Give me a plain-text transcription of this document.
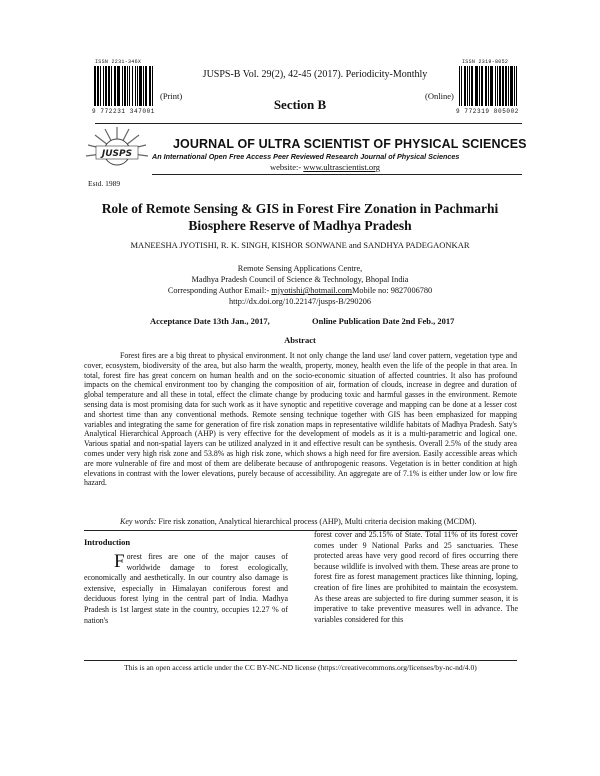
ISSN 2231-346X
9 772231 347001
ISSN 2319-8052
9 772319 805002
JUSPS-B Vol. 29(2), 42-45 (2017). Periodicity-Monthly
(Print)	(Online)
Section B
JUSPS
Estd. 1989
JOURNAL OF ULTRA SCIENTIST OF PHYSICAL SCIENCES
An International Open Free Access Peer Reviewed Research Journal of Physical Sciences
website:- www.ultrascientist.org
Role of Remote Sensing & GIS in Forest Fire Zonation in Pachmarhi
Biosphere Reserve of Madhya Pradesh
MANEESHA JYOTISHI, R. K. SINGH, KISHOR SONWANE and SANDHYA PADEGAONKAR
Remote Sensing Applications Centre,
Madhya Pradesh Council of Science & Technology, Bhopal India
Corresponding Author Email:- mjyotishi@hotmail.comMobile no: 9827006780
http://dx.doi.org/10.22147/jusps-B/290206
Acceptance Date 13th Jan., 2017,	Online Publication Date 2nd Feb., 2017
Abstract
Forest fires are a big threat to physical environment. It not only change the land use/ land cover pattern, vegetation type and cover, ecosystem, biodiversity of the area, but also harm the wealth, property, money, health even the life of the people in that area. In total, forest fire has great concern on human health and on the socio-economic situation of affected countries. It also has profound impacts on the chemical environment too by changing the composition of air, formation of clouds, increase in degree and duration of global temperature and all these in total, effect the climate change by producing toxic and harmful gasses in the environment. Remote sensing data is most promising data for such work as it have synoptic and repetitive coverage and mapping can be done at a lesser cost and shortest time than any conventional methods. Remote sensing technique together with GIS has been emphasized for mapping variables and integrating the same for generation of fire risk zonation maps in representative wildlife habitats of Madhya Pradesh. Saty's Analytical Hierarchical Approach (AHP) is very effective for the development of models as it is a multi-parametric and logical one. Various spatial and non-spatial layers can be utilized analyzed in it and effective result can be synthesis. Overall 2.5% of the study area comes under very high risk zone and 53.8% as high risk zone, which shows a high need for fire aversion. Easily accessible areas which are more vulnerable of fire and most of them are deliberate because of anthropogenic reasons. Vegetation is in better condition at high elevations in contrast with the lower elevations, purely because of accessibility. An aggregate are of 7.1% is either under low or low fire hazard.
Key words: Fire risk zonation, Analytical hierarchical process (AHP), Multi criteria decision making (MCDM).
Introduction

Forest fires are one of the major causes of worldwide damage to forest ecologically, economically and aesthetically. In our country also damage is extensive, especially in Himalayan coniferous forest and deciduous forest lying in the central part of India. Madhya Pradesh is 1st largest state in the country, occupies 12.27 % of nation's

forest cover and 25.15% of State. Total 11% of its forest cover comes under 9 National Parks and 25 sanctuaries. These protected areas have very good record of fires occurring there because wildlife is involved with them. These areas are prone to forest fire as forest management practices like thinning, loping, creation of fire lines are prohibited to maintain the ecosystem. As these areas are subjected to fire during summer season, it is imperative to take preventive measures well in advance. The variables considered for this

This is an open access article under the CC BY-NC-ND license (https://creativecommons.org/licenses/by-nc-nd/4.0)
